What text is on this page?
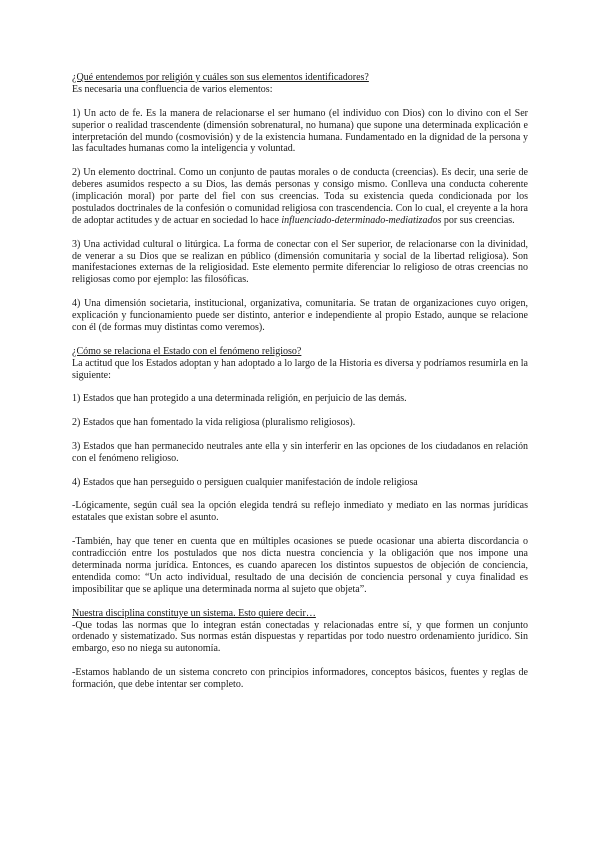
¿Qué entendemos por religión y cuáles son sus elementos identificadores?

Es necesaria una confluencia de varios elementos:

1) Un acto de fe. Es la manera de relacionarse el ser humano (el individuo con Dios) con lo divino con el Ser superior o realidad trascendente (dimensión sobrenatural, no humana) que supone una determinada explicación e interpretación del mundo (cosmovisión) y de la existencia humana. Fundamentado en la dignidad de la persona y las facultades humanas como la inteligencia y voluntad.

2) Un elemento doctrinal. Como un conjunto de pautas morales o de conducta (creencias). Es decir, una serie de deberes asumidos respecto a su Dios, las demás personas y consigo mismo. Conlleva una conducta coherente (implicación moral) por parte del fiel con sus creencias. Toda su existencia queda condicionada por los postulados doctrinales de la confesión o comunidad religiosa con trascendencia. Con lo cual, el creyente a la hora de adoptar actitudes y de actuar en sociedad lo hace influenciado-determinado-mediatizados por sus creencias.

3) Una actividad cultural o litúrgica. La forma de conectar con el Ser superior, de relacionarse con la divinidad, de venerar a su Dios que se realizan en público (dimensión comunitaria y social de la libertad religiosa). Son manifestaciones externas de la religiosidad. Este elemento permite diferenciar lo religioso de otras creencias no religiosas como por ejemplo: las filosóficas.

4) Una dimensión societaria, institucional, organizativa, comunitaria. Se tratan de organizaciones cuyo origen, explicación y funcionamiento puede ser distinto, anterior e independiente al propio Estado, aunque se relacione con él (de formas muy distintas como veremos).

¿Cómo se relaciona el Estado con el fenómeno religioso?

La actitud que los Estados adoptan y han adoptado a lo largo de la Historia es diversa y podríamos resumirla en la siguiente:

1) Estados que han protegido a una determinada religión, en perjuicio de las demás.

2) Estados que han fomentado la vida religiosa (pluralismo religiosos).

3) Estados que han permanecido neutrales ante ella y sin interferir en las opciones de los ciudadanos en relación con el fenómeno religioso.

4) Estados que han perseguido o persiguen cualquier manifestación de índole religiosa

-Lógicamente, según cuál sea la opción elegida tendrá su reflejo inmediato y mediato en las normas jurídicas estatales que existan sobre el asunto.

-También, hay que tener en cuenta que en múltiples ocasiones se puede ocasionar una abierta discordancia o contradicción entre los postulados que nos dicta nuestra conciencia y la obligación que nos impone una determinada norma jurídica. Entonces, es cuando aparecen los distintos supuestos de objeción de conciencia, entendida como: “Un acto individual, resultado de una decisión de conciencia personal y cuya finalidad es imposibilitar que se aplique una determinada norma al sujeto que objeta”.

Nuestra disciplina constituye un sistema. Esto quiere decir…

-Que todas las normas que lo integran están conectadas y relacionadas entre sí, y que formen un conjunto ordenado y sistematizado. Sus normas están dispuestas y repartidas por todo nuestro ordenamiento jurídico. Sin embargo, eso no niega su autonomía.

-Estamos hablando de un sistema concreto con principios informadores, conceptos básicos, fuentes y reglas de formación, que debe intentar ser completo.
